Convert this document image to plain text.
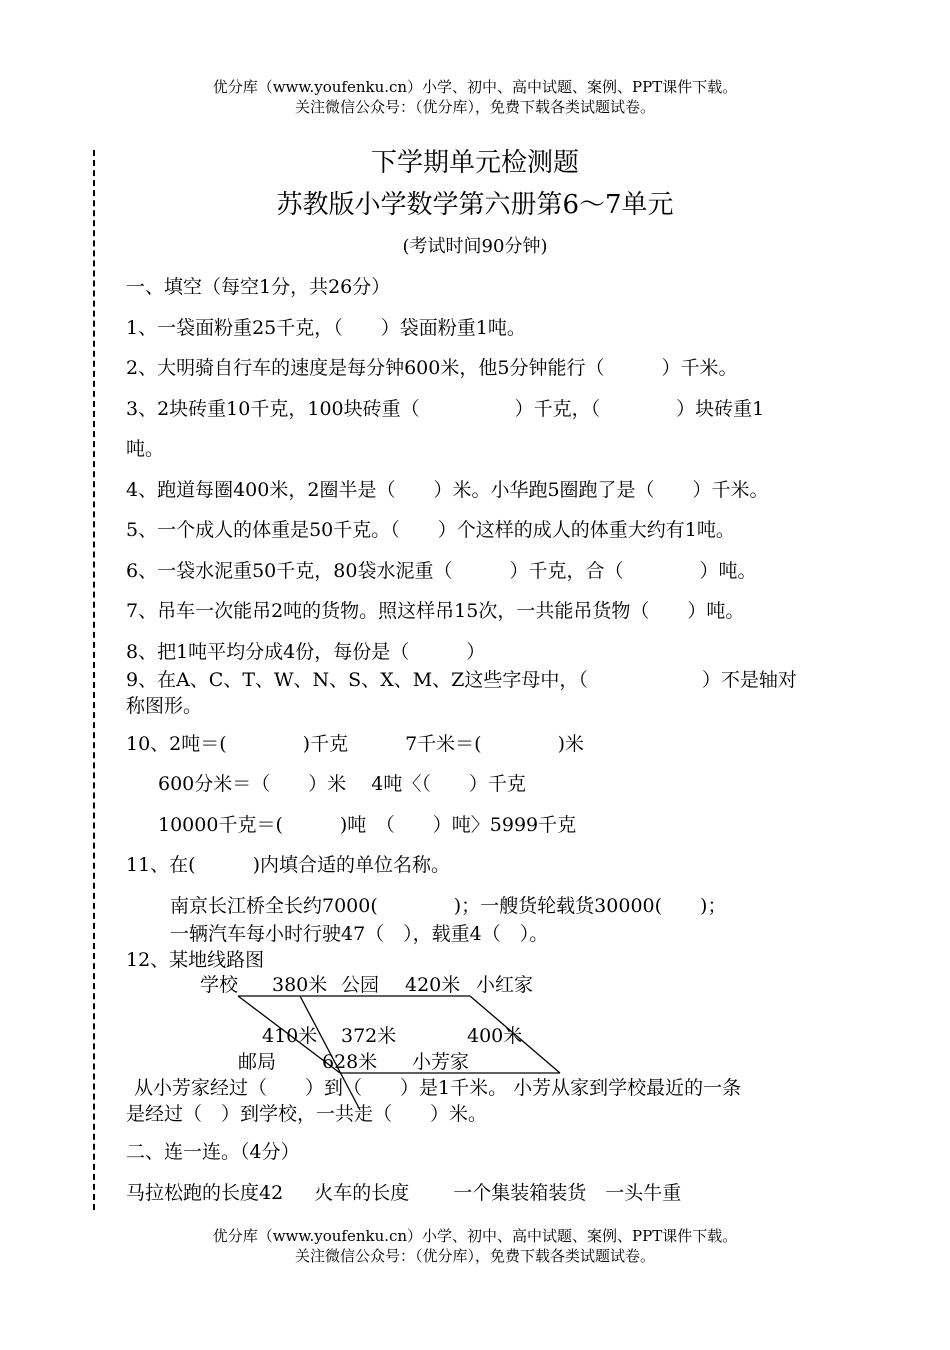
优分库（www.youfenku.cn）小学、初中、高中试题、案例、PPT课件下载。
关注微信公众号：（优分库），免费下载各类试题试卷。
下学期单元检测题
苏教版小学数学第六册第6～7单元
(考试时间90分钟)
一、填空（每空1分，共26分）
1、一袋面粉重25千克，（　　）袋面粉重1吨。
2、大明骑自行车的速度是每分钟600米，他5分钟能行（　　　）千米。
3、2块砖重10千克，100块砖重（　　　　　）千克，（　　　　）块砖重1
吨。
4、跑道每圈400米，2圈半是（　　）米。小华跑5圈跑了是（　　）千米。
5、一个成人的体重是50千克。（　　）个这样的成人的体重大约有1吨。
6、一袋水泥重50千克，80袋水泥重（　　　）千克，合（　　　　）吨。
7、吊车一次能吊2吨的货物。照这样吊15次，一共能吊货物（　　）吨。
8、把1吨平均分成4份，每份是（　　　）
9、在A、C、T、W、N、S、X、M、Z这些字母中，（　　　　　　）不是轴对
称图形。
10、2吨＝(　　　　)千克　　　7千米＝(　　　　)米
600分米＝（　　）米　 4吨〈（　　）千克
10000千克＝(　　　)吨　（　　）吨〉5999千克
11、在(　　　)内填合适的单位名称。
南京长江桥全长约7000(　　　　)；一艘货轮载货30000(　　)；
一辆汽车每小时行驶47（　），载重4（　）。
12、某地线路图
学校 380米 公园 420米 小红家
410米 372米	400米
邮局 628米 小芳家
从小芳家经过（　　）到（　　）是1千米。 小芳从家到学校最近的一条
是经过（　）到学校，一共走（　　）米。
二、连一连。（4分）
马拉松跑的长度42　  火车的长度　　 一个集装箱装货　一头牛重
优分库（www.youfenku.cn）小学、初中、高中试题、案例、PPT课件下载。
关注微信公众号：（优分库），免费下载各类试题试卷。
